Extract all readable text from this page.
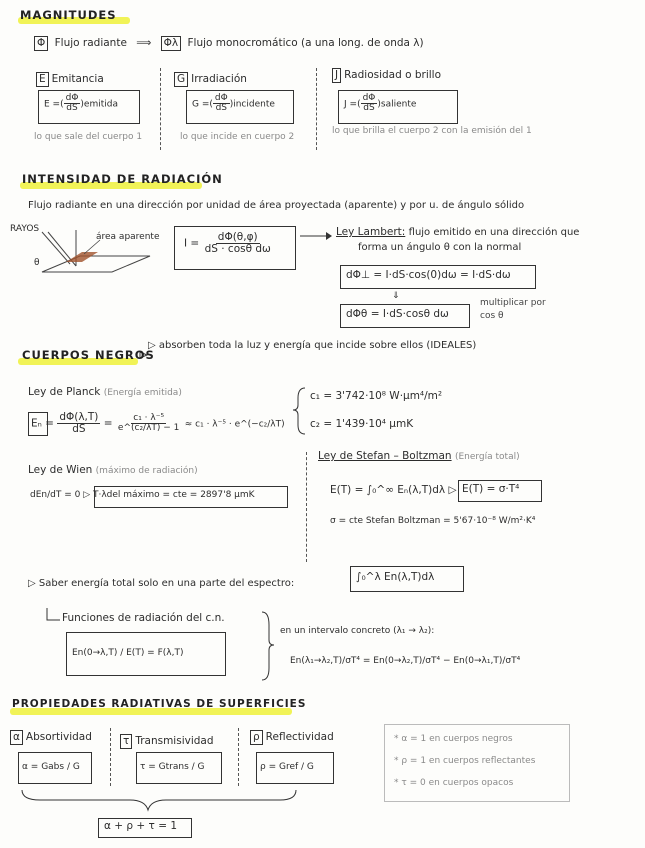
MAGNITUDES
Φ Flujo radiante ⟹ Φλ Flujo monocromático (a una long. de onda λ)
E Emitancia
E =( $\frac{d\Phi}{dS}$ )emitida
lo que sale del cuerpo 1
G Irradiación
G =( $\frac{d\Phi}{dS}$ )incidente
lo que incide en cuerpo 2
J Radiosidad o brillo
J =( $\frac{d\Phi}{dS}$ )saliente
lo que brilla el cuerpo 2 con la emisión del 1
INTENSIDAD DE RADIACIÓN
Flujo radiante en una dirección por unidad de área proyectada (aparente) y por u. de ángulo sólido
RAYOS
área aparente
θ
$I = \frac{d\Phi(\theta,\varphi)}{\text{dS · cosθ dω}}$	Ley Lambert: flujo emitido en una dirección que
forma un ángulo θ con la normal
dΦ⊥ = I·dS·cos(0)dω = I·dS·dω
⇓
dΦθ = I·dS·cosθ dω
multiplicar por
cos θ
CUERPOS NEGROS
▷ absorben toda la luz y energía que incide sobre ellos (IDEALES)
Ley de Planck (Energía emitida)
$E_n = \frac{d\Phi(\lambda,T)}{dS} = \frac{\text{c₁ · λ⁻⁵}}{\text{e\textasciicircum{}(c₂/λT) − 1}} \approx c_1 \cdot \lambda^{-5}$ · e^(−c₂/λT)
c₁ = 3'742·10⁸ W·μm⁴/m²
c₂ = 1'439·10⁴ μmK
Ley de Wien (máximo de radiación)
dEn/dT = 0 ▷ T·λdel máximo = cte = 2897'8 μmK
Ley de Stefan – Boltzman (Energía total)
E(T) = ∫₀^∞ Eₙ(λ,T)dλ ▷ E(T) = σ·T⁴
σ = cte Stefan Boltzman = 5'67·10⁻⁸ W/m²·K⁴
▷ Saber energía total solo en una parte del espectro:
∫₀^λ En(λ,T)dλ
Funciones de radiación del c.n.
En(0→λ,T) / E(T) = F(λ,T)
en un intervalo concreto (λ₁ → λ₂):
En(λ₁→λ₂,T)/σT⁴ = En(0→λ₂,T)/σT⁴ − En(0→λ₁,T)/σT⁴
PROPIEDADES RADIATIVAS DE SUPERFICIES
α Absortividad
α = Gabs / G
τ Transmisividad
τ = Gtrans / G
ρ Reflectividad
ρ = Gref / G
α + ρ + τ = 1
* α = 1 en cuerpos negros
* ρ = 1 en cuerpos reflectantes
* τ = 0 en cuerpos opacos
